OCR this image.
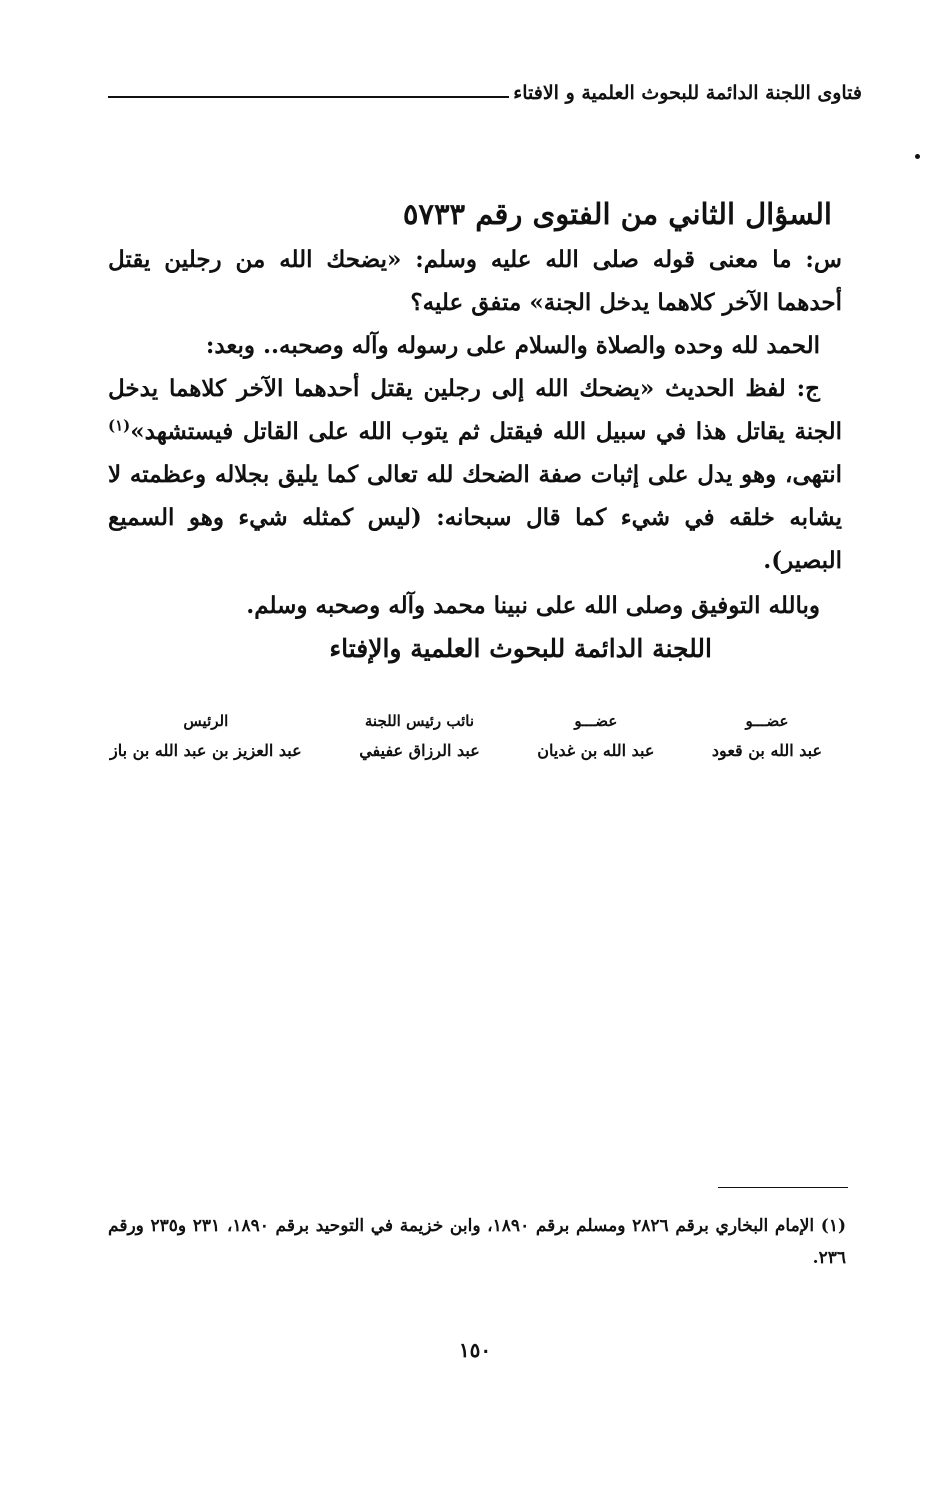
فتاوى اللجنة الدائمة للبحوث العلمية و الافتاء
السؤال الثاني من الفتوى رقم ٥٧٣٣

س: ما معنى قوله صلى الله عليه وسلم: «يضحك الله من رجلين يقتل أحدهما الآخر كلاهما يدخل الجنة» متفق عليه؟

الحمد لله وحده والصلاة والسلام على رسوله وآله وصحبه.. وبعد:

ج: لفظ الحديث «يضحك الله إلى رجلين يقتل أحدهما الآخر كلاهما يدخل الجنة يقاتل هذا في سبيل الله فيقتل ثم يتوب الله على القاتل فيستشهد»$^{(١)}$ انتهى، وهو يدل على إثبات صفة الضحك لله تعالى كما يليق بجلاله وعظمته لا يشابه خلقه في شيء كما قال سبحانه: (ليس كمثله شيء وهو السميع البصير).

وبالله التوفيق وصلى الله على نبينا محمد وآله وصحبه وسلم.

اللجنة الدائمة للبحوث العلمية والإفتاء

عضـــو
عبد الله بن قعود
عضـــو
عبد الله بن غديان
نائب رئيس اللجنة
عبد الرزاق عفيفي
الرئيس
عبد العزيز بن عبد الله بن باز

(١) الإمام البخاري برقم ٢٨٢٦ ومسلم برقم ١٨٩٠، وابن خزيمة في التوحيد برقم ١٨٩٠، ٢٣١ و٢٣٥ ورقم ٢٣٦.

١٥٠
